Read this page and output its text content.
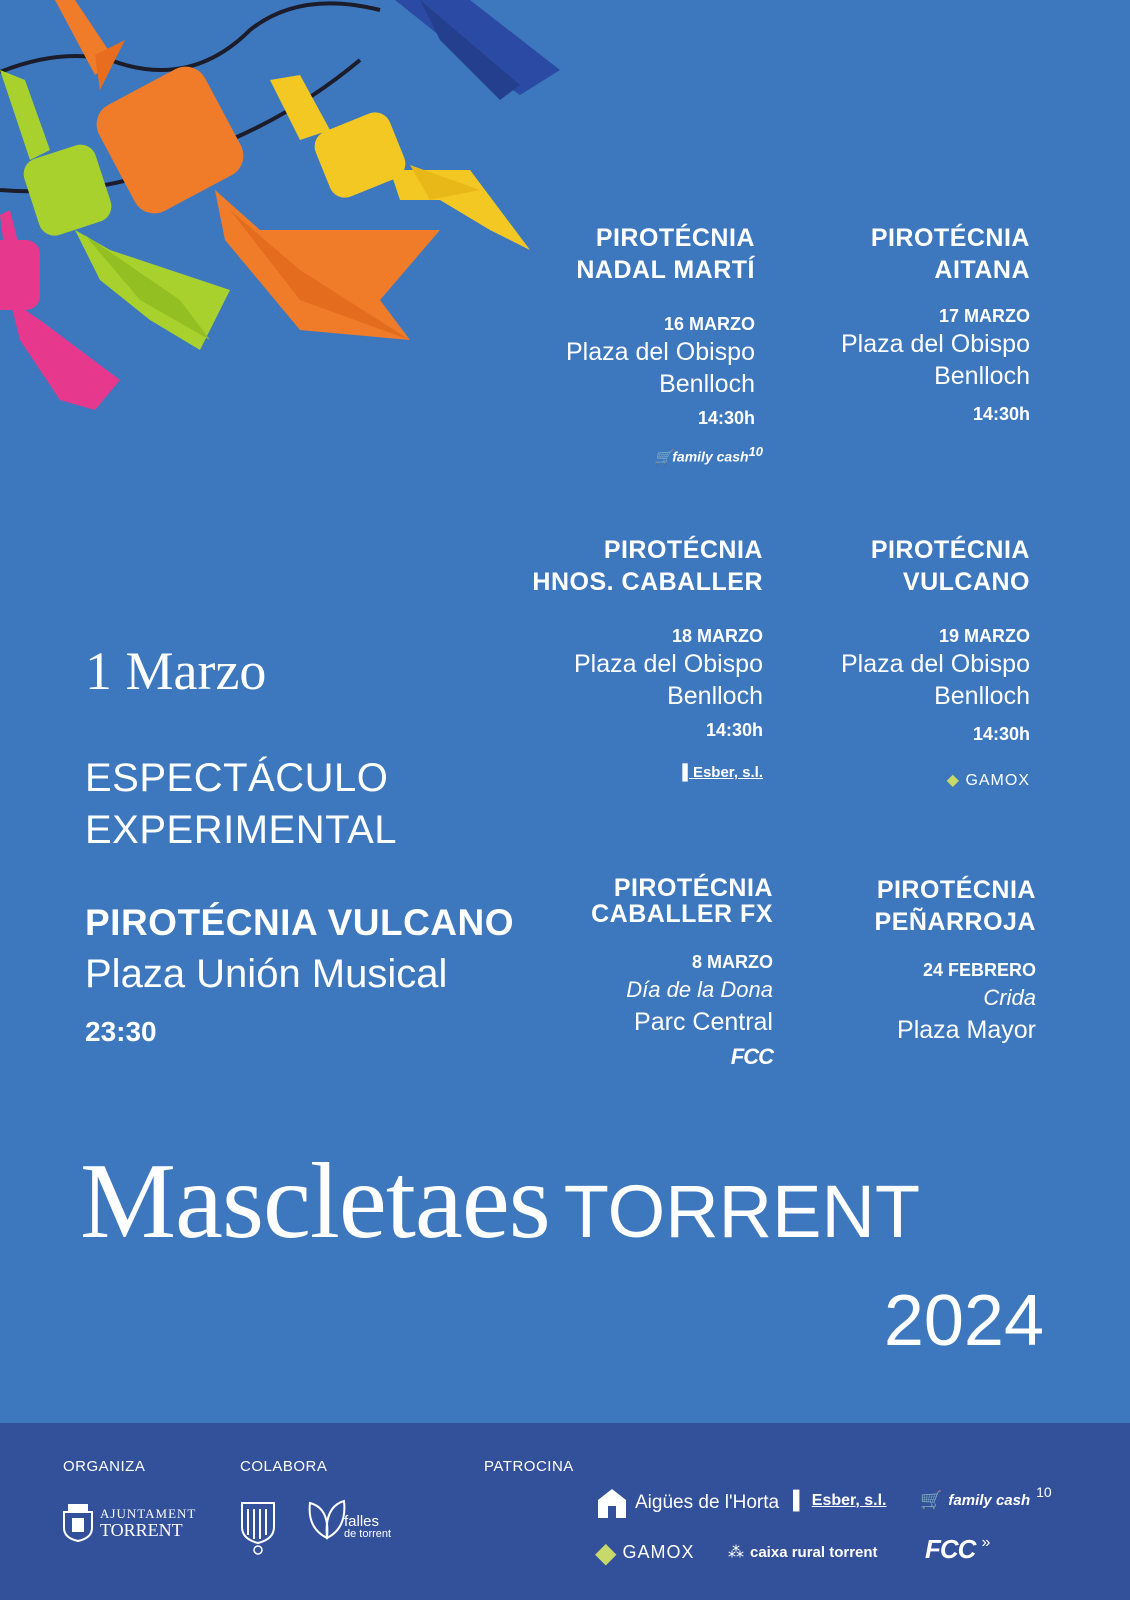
PIROTÉCNIA
NADAL MARTÍ
16 MARZO
Plaza del Obispo
Benlloch
14:30h
🛒family cash10
PIROTÉCNIA
AITANA
17 MARZO
Plaza del Obispo
Benlloch
14:30h
PIROTÉCNIA
HNOS. CABALLER
18 MARZO
Plaza del Obispo
Benlloch
14:30h
▌Esber, s.l.
PIROTÉCNIA
VULCANO
19 MARZO
Plaza del Obispo
Benlloch
14:30h
◆ GAMOX
PIROTÉCNIA
CABALLER FX
8 MARZO
Día de la Dona
Parc Central
FCC
PIROTÉCNIA
PEÑARROJA
24 FEBRERO
Crida
Plaza Mayor
1 Marzo
ESPECTÁCULO
EXPERIMENTAL
PIROTÉCNIA VULCANO
Plaza Unión Musical
23:30
Mascletaes TORRENT
2024
ORGANIZA	COLABORA	PATROCINA
AJUNTAMENT
TORRENT	falles
de torrent
Aigües de l'Horta ▌ Esber, s.l. 🛒 family cash
10
◆ GAMOX ⁂ caixa rural torrent FCC »
